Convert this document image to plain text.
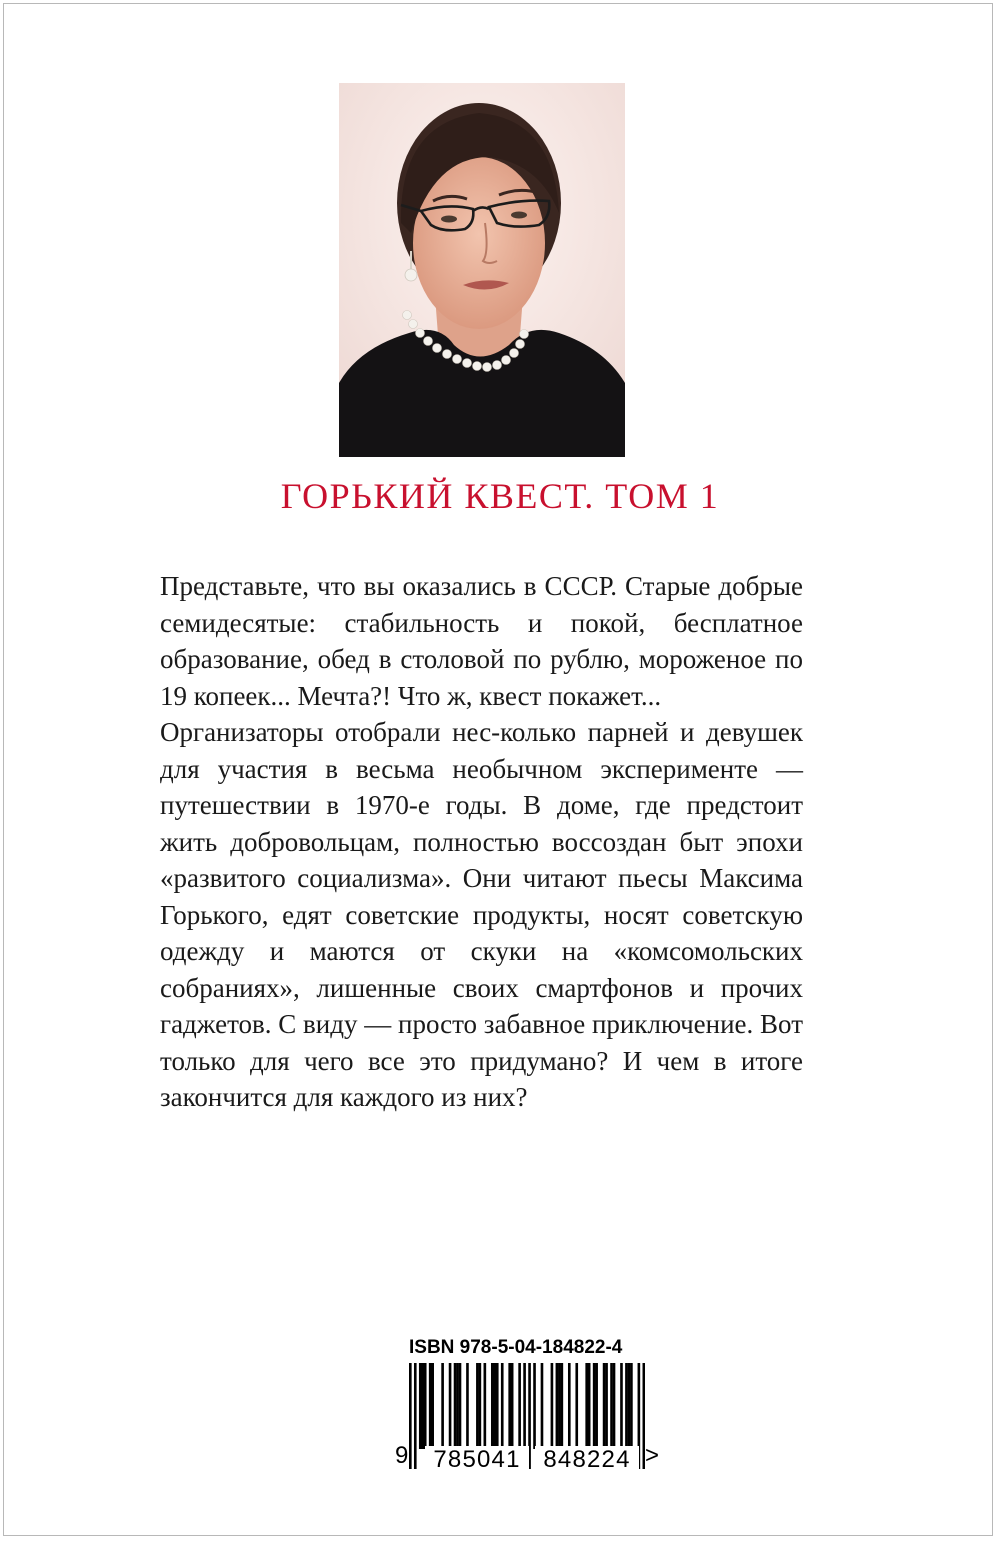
ГОРЬКИЙ КВЕСТ. ТОМ 1

Представьте, что вы оказались в СССР. Старые добрые семидесятые: стабильность и покой, бесплатное образование, обед в столовой по рублю, мороженое по 19 копеек... Мечта?! Что ж, квест покажет...

Организаторы отобрали нес-колько парней и девушек для участия в весьма необычном эксперименте — путешествии в 1970-е годы. В доме, где предстоит жить добровольцам, полностью воссоздан быт эпохи «развитого социализма». Они читают пьесы Максима Горького, едят советские продукты, носят советскую одежду и маются от скуки на «комсомольских собраниях», лишенные своих смартфонов и прочих гаджетов. С виду — просто забавное приключение. Вот только для чего все это придумано? И чем в итоге закончится для каждого из них?

ISBN 978-5-04-184822-4
9	785041 848224 >
